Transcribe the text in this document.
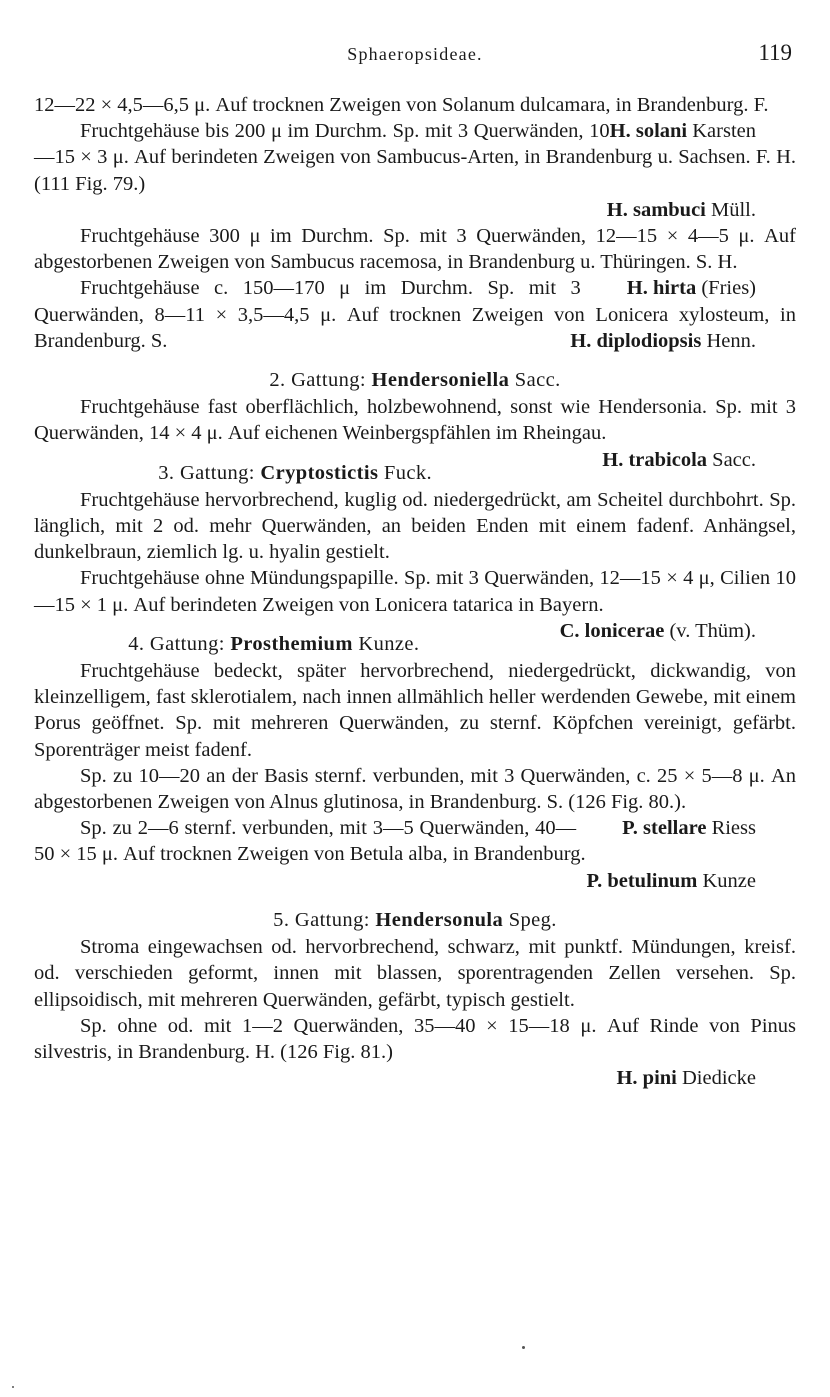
Sphaeropsideae.	119

12—22 × 4,5—6,5 μ. Auf trocknen Zweigen von Solanum dulcamara, in Brandenburg. F.
H. solani Karsten

Fruchtgehäuse bis 200 μ im Durchm. Sp. mit 3 Querwänden, 10—15 × 3 μ. Auf berindeten Zweigen von Sambucus-Arten, in Brandenburg u. Sachsen. F. H. (111 Fig. 79.)

H. sambuci Müll.

Fruchtgehäuse 300 μ im Durchm. Sp. mit 3 Querwänden, 12—15 × 4—5 μ. Auf abgestorbenen Zweigen von Sambucus racemosa, in Brandenburg u. Thüringen. S. H.
H. hirta (Fries)

Fruchtgehäuse c. 150—170 μ im Durchm. Sp. mit 3 Querwänden, 8—11 × 3,5—4,5 μ. Auf trocknen Zweigen von Lonicera xylosteum, in Brandenburg. S.	H. diplodiopsis Henn.

2. Gattung: Hendersoniella Sacc.

Fruchtgehäuse fast oberflächlich, holzbewohnend, sonst wie Hendersonia. Sp. mit 3 Querwänden, 14 × 4 μ. Auf eichenen Weinbergspfählen im Rheingau.
H. trabicola Sacc.

3. Gattung: Cryptostictis Fuck.

Fruchtgehäuse hervorbrechend, kuglig od. niedergedrückt, am Scheitel durchbohrt. Sp. länglich, mit 2 od. mehr Querwänden, an beiden Enden mit einem fadenf. Anhängsel, dunkelbraun, ziemlich lg. u. hyalin gestielt.

Fruchtgehäuse ohne Mündungspapille. Sp. mit 3 Querwänden, 12—15 × 4 μ, Cilien 10—15 × 1 μ. Auf berindeten Zweigen von Lonicera tatarica in Bayern.
C. lonicerae (v. Thüm).

4. Gattung: Prosthemium Kunze.

Fruchtgehäuse bedeckt, später hervorbrechend, niedergedrückt, dickwandig, von kleinzelligem, fast sklerotialem, nach innen allmählich heller werdenden Gewebe, mit einem Porus geöffnet. Sp. mit mehreren Querwänden, zu sternf. Köpfchen vereinigt, gefärbt. Sporenträger meist fadenf.

Sp. zu 10—20 an der Basis sternf. verbunden, mit 3 Querwänden, c. 25 × 5—8 μ. An abgestorbenen Zweigen von Alnus glutinosa, in Brandenburg. S. (126 Fig. 80.).
P. stellare Riess

Sp. zu 2—6 sternf. verbunden, mit 3—5 Querwänden, 40—50 × 15 μ. Auf trocknen Zweigen von Betula alba, in Brandenburg.

P. betulinum Kunze

5. Gattung: Hendersonula Speg.

Stroma eingewachsen od. hervorbrechend, schwarz, mit punktf. Mündungen, kreisf. od. verschieden geformt, innen mit blassen, sporentragenden Zellen versehen. Sp. ellipsoidisch, mit mehreren Querwänden, gefärbt, typisch gestielt.

Sp. ohne od. mit 1—2 Querwänden, 35—40 × 15—18 μ. Auf Rinde von Pinus silvestris, in Brandenburg. H. (126 Fig. 81.)

H. pini Diedicke
